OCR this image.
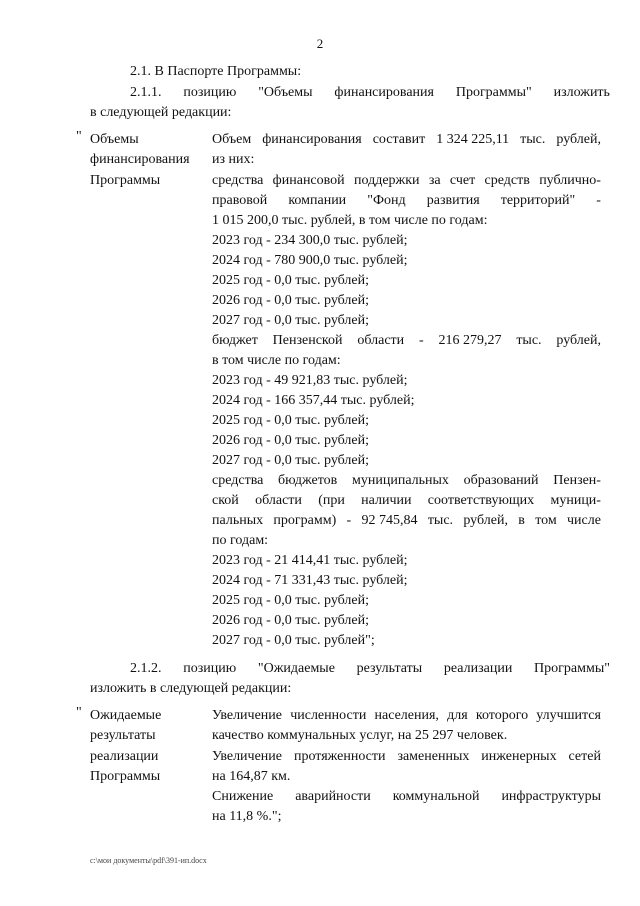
2
2.1. В Паспорте Программы:
2.1.1. позицию "Объемы финансирования Программы" изложить
в следующей редакции:
" Объемы
финансирования
Программы
Объем финансирования составит 1 324 225,11 тыс. рублей,
из них:
средства финансовой поддержки за счет средств публично-
правовой компании "Фонд развития территорий" -
1 015 200,0 тыс. рублей, в том числе по годам:
2023 год - 234 300,0 тыс. рублей;
2024 год - 780 900,0 тыс. рублей;
2025 год - 0,0 тыс. рублей;
2026 год - 0,0 тыс. рублей;
2027 год - 0,0 тыс. рублей;
бюджет Пензенской области - 216 279,27 тыс. рублей,
в том числе по годам:
2023 год - 49 921,83 тыс. рублей;
2024 год - 166 357,44 тыс. рублей;
2025 год - 0,0 тыс. рублей;
2026 год - 0,0 тыс. рублей;
2027 год - 0,0 тыс. рублей;
средства бюджетов муниципальных образований Пензен-
ской области (при наличии соответствующих муници-
пальных программ) - 92 745,84 тыс. рублей, в том числе
по годам:
2023 год - 21 414,41 тыс. рублей;
2024 год - 71 331,43 тыс. рублей;
2025 год - 0,0 тыс. рублей;
2026 год - 0,0 тыс. рублей;
2027 год - 0,0 тыс. рублей";
2.1.2. позицию "Ожидаемые результаты реализации Программы"
изложить в следующей редакции:
" Ожидаемые
результаты
реализации
Программы
Увеличение численности населения, для которого улучшится
качество коммунальных услуг, на 25 297 человек.
Увеличение протяженности замененных инженерных сетей
на 164,87 км.
Снижение аварийности коммунальной инфраструктуры
на 11,8 %.";
c:\мои документы\pdf\391-ип.docx
